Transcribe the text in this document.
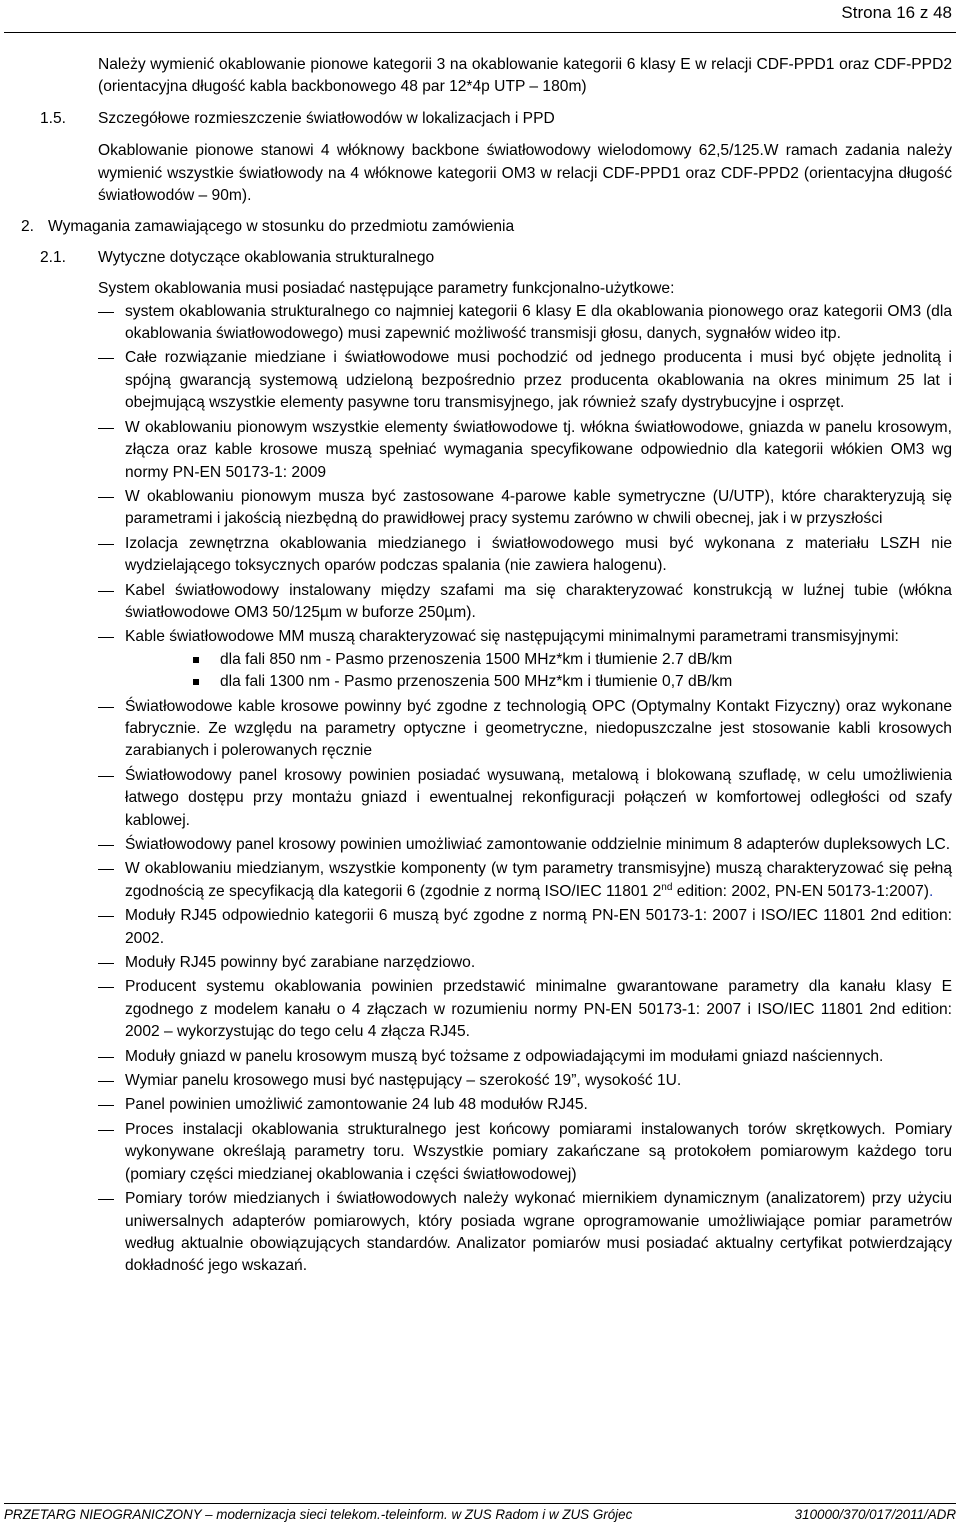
Strona 16 z 48

Należy wymienić okablowanie pionowe kategorii 3 na okablowanie kategorii 6 klasy E w relacji CDF-PPD1 oraz CDF-PPD2 (orientacyjna długość kabla backbonowego 48 par 12*4p UTP – 180m)

1.5. Szczegółowe rozmieszczenie światłowodów w lokalizacjach i PPD

Okablowanie pionowe stanowi 4 włóknowy backbone światłowodowy wielodomowy 62,5/125.W ramach zadania należy wymienić wszystkie światłowody na 4 włóknowe kategorii OM3 w relacji CDF-PPD1 oraz CDF-PPD2 (orientacyjna długość światłowodów – 90m).

2. Wymagania zamawiającego w stosunku do przedmiotu zamówienia
2.1. Wytyczne dotyczące okablowania strukturalnego

System okablowania musi posiadać następujące parametry funkcjonalno-użytkowe:

system okablowania strukturalnego co najmniej kategorii 6 klasy E dla okablowania pionowego oraz kategorii OM3 (dla okablowania światłowodowego) musi zapewnić możliwość transmisji głosu, danych, sygnałów wideo itp.
Całe rozwiązanie miedziane i światłowodowe musi pochodzić od jednego producenta i musi być objęte jednolitą i spójną gwarancją systemową udzieloną bezpośrednio przez producenta okablowania na okres minimum 25 lat i obejmującą wszystkie elementy pasywne toru transmisyjnego, jak również szafy dystrybucyjne i osprzęt.
W okablowaniu pionowym wszystkie elementy światłowodowe tj. włókna światłowodowe, gniazda w panelu krosowym, złącza oraz kable krosowe muszą spełniać wymagania specyfikowane odpowiednio dla kategorii włókien OM3 wg normy PN-EN 50173-1: 2009
W okablowaniu pionowym musza być zastosowane 4-parowe kable symetryczne (U/UTP), które charakteryzują się parametrami i jakością niezbędną do prawidłowej pracy systemu zarówno w chwili obecnej, jak i w przyszłości
Izolacja zewnętrzna okablowania miedzianego i światłowodowego musi być wykonana z materiału LSZH nie wydzielającego toksycznych oparów podczas spalania (nie zawiera halogenu).
Kabel światłowodowy instalowany między szafami ma się charakteryzować konstrukcją w luźnej tubie (włókna światłowodowe OM3 50/125µm w buforze 250µm).
Kable światłowodowe MM muszą charakteryzować się następującymi minimalnymi parametrami transmisyjnymi:
dla fali 850 nm - Pasmo przenoszenia 1500 MHz*km i tłumienie 2.7 dB/km
dla fali 1300 nm - Pasmo przenoszenia 500 MHz*km i tłumienie 0,7 dB/km
Światłowodowe kable krosowe powinny być zgodne z technologią OPC (Optymalny Kontakt Fizyczny) oraz wykonane fabrycznie. Ze względu na parametry optyczne i geometryczne, niedopuszczalne jest stosowanie kabli krosowych zarabianych i polerowanych ręcznie
Światłowodowy panel krosowy powinien posiadać wysuwaną, metalową i blokowaną szufladę, w celu umożliwienia łatwego dostępu przy montażu gniazd i ewentualnej rekonfiguracji połączeń w komfortowej odległości od szafy kablowej.
Światłowodowy panel krosowy powinien umożliwiać zamontowanie oddzielnie minimum 8 adapterów dupleksowych LC.
W okablowaniu miedzianym, wszystkie komponenty (w tym parametry transmisyjne) muszą charakteryzować się pełną zgodnością ze specyfikacją dla kategorii 6 (zgodnie z normą ISO/IEC 11801 2nd edition: 2002, PN-EN 50173-1:2007).
Moduły RJ45 odpowiednio kategorii 6 muszą być zgodne z normą PN-EN 50173-1: 2007 i ISO/IEC 11801 2nd edition: 2002.
Moduły RJ45 powinny być zarabiane narzędziowo.
Producent systemu okablowania powinien przedstawić minimalne gwarantowane parametry dla kanału klasy E zgodnego z modelem kanału o 4 złączach w rozumieniu normy PN-EN 50173-1: 2007 i ISO/IEC 11801 2nd edition: 2002 – wykorzystując do tego celu 4 złącza RJ45.
Moduły gniazd w panelu krosowym muszą być tożsame z odpowiadającymi im modułami gniazd naściennych.
Wymiar panelu krosowego musi być następujący – szerokość 19”, wysokość 1U.
Panel powinien umożliwić zamontowanie 24 lub 48 modułów RJ45.
Proces instalacji okablowania strukturalnego jest końcowy pomiarami instalowanych torów skrętkowych. Pomiary wykonywane określają parametry toru. Wszystkie pomiary zakańczane są protokołem pomiarowym każdego toru (pomiary części miedzianej okablowania i części światłowodowej)
Pomiary torów miedzianych i światłowodowych należy wykonać miernikiem dynamicznym (analizatorem) przy użyciu uniwersalnych adapterów pomiarowych, który posiada wgrane oprogramowanie umożliwiające pomiar parametrów według aktualnie obowiązujących standardów. Analizator pomiarów musi posiadać aktualny certyfikat potwierdzający dokładność jego wskazań.
PRZETARG NIEOGRANICZONY – modernizacja sieci telekom.-teleinform. w ZUS Radom i w ZUS Grójec	310000/370/017/2011/ADR
